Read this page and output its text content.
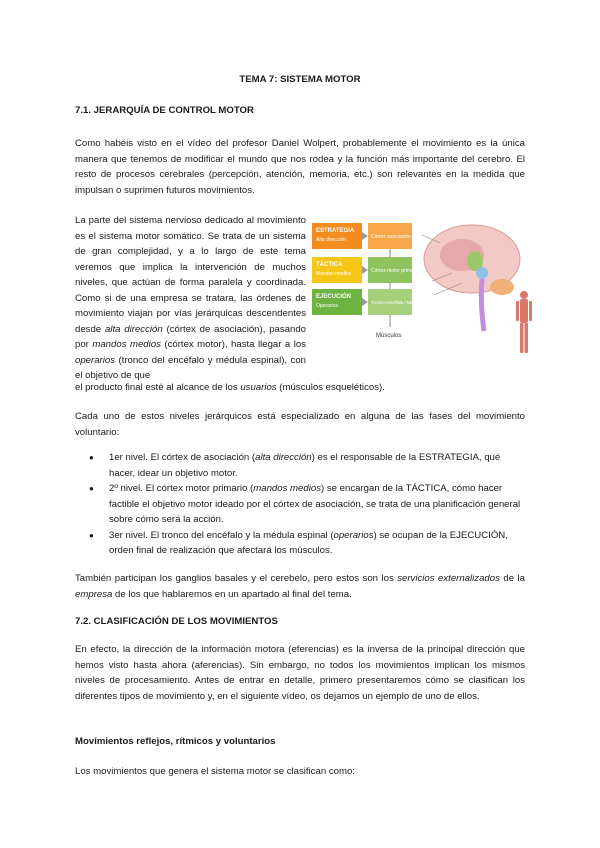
TEMA 7: SISTEMA MOTOR
7.1. JERARQUÍA DE CONTROL MOTOR
Como habéis visto en el vídeo del profesor Daniel Wolpert, probablemente el movimiento es la única manera que tenemos de modificar el mundo que nos rodea y la función más importante del cerebro. El resto de procesos cerebrales (percepción, atención, memoria, etc.) son relevantes en la medida que impulsan o suprimen futuros movimientos.
La parte del sistema nervioso dedicado al movimiento es el sistema motor somático. Se trata de un sistema de gran complejidad, y a lo largo de este tema veremos que implica la intervención de muchos niveles, que actúan de forma paralela y coordinada. Como si de una empresa se tratara, las órdenes de movimiento viajan por vías jerárquicas descendentes desde alta dirección (córtex de asociación), pasando por mandos medios (córtex motor), hasta llegar a los operarios (tronco del encéfalo y médula espinal), con el objetivo de que
el producto final esté al alcance de los usuarios (músculos esqueléticos).
ESTRATEGIA
Alta dirección
TÁCTICA
Mandos medios
EJECUCIÓN
Operarios
Córtex asociación
Córtex motor primario
Tronco encéfalo / Médula espinal
Músculos
Cada uno de estos niveles jerárquicos está especializado en alguna de las fases del movimiento voluntario:
● 1er nivel. El córtex de asociación (alta dirección) es el responsable de la ESTRATEGIA, qué hacer, idear un objetivo motor.
● 2º nivel. El córtex motor primario (mandos medios) se encargan de la TÁCTICA, cómo hacer factible el objetivo motor ideado por el córtex de asociación, se trata de una planificación general sobre cómo será la acción.
● 3er nivel. El tronco del encéfalo y la médula espinal (operarios) se ocupan de la EJECUCIÓN, orden final de realización que afectará los músculos.
También participan los ganglios basales y el cerebelo, pero estos son los servicios externalizados de la empresa de los que hablaremos en un apartado al final del tema.
7.2. CLASIFICACIÓN DE LOS MOVIMIENTOS
En efecto, la dirección de la información motora (eferencias) es la inversa de la principal dirección que hemos visto hasta ahora (aferencias). Sin embargo, no todos los movimientos implican los mismos niveles de procesamiento. Antes de entrar en detalle, primero presentaremos cómo se clasifican los diferentes tipos de movimiento y, en el siguiente vídeo, os dejamos un ejemplo de uno de ellos.
Movimientos reflejos, rítmicos y voluntarios
Los movimientos que genera el sistema motor se clasifican como:
